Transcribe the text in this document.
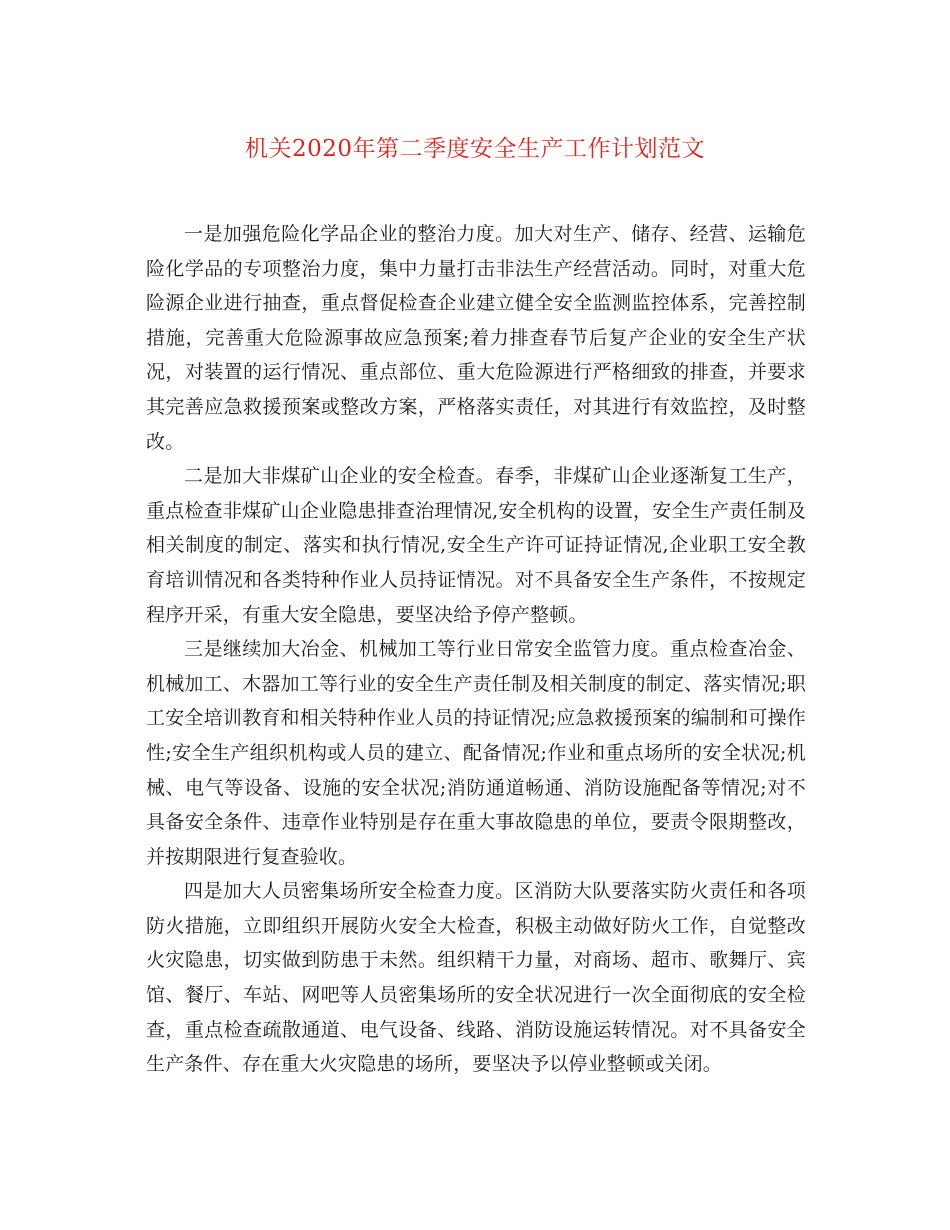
机关2020年第二季度安全生产工作计划范文

一是加强危险化学品企业的整治力度。加大对生产、储存、经营、运输危险化学品的专项整治力度，集中力量打击非法生产经营活动。同时，对重大危险源企业进行抽查，重点督促检查企业建立健全安全监测监控体系，完善控制措施，完善重大危险源事故应急预案;着力排查春节后复产企业的安全生产状况，对装置的运行情况、重点部位、重大危险源进行严格细致的排查，并要求其完善应急救援预案或整改方案，严格落实责任，对其进行有效监控，及时整改。

二是加大非煤矿山企业的安全检查。春季，非煤矿山企业逐渐复工生产，重点检查非煤矿山企业隐患排查治理情况,安全机构的设置，安全生产责任制及相关制度的制定、落实和执行情况,安全生产许可证持证情况,企业职工安全教育培训情况和各类特种作业人员持证情况。对不具备安全生产条件，不按规定程序开采，有重大安全隐患，要坚决给予停产整顿。

三是继续加大冶金、机械加工等行业日常安全监管力度。重点检查冶金、机械加工、木器加工等行业的安全生产责任制及相关制度的制定、落实情况;职工安全培训教育和相关特种作业人员的持证情况;应急救援预案的编制和可操作性;安全生产组织机构或人员的建立、配备情况;作业和重点场所的安全状况;机械、电气等设备、设施的安全状况;消防通道畅通、消防设施配备等情况;对不具备安全条件、违章作业特别是存在重大事故隐患的单位，要责令限期整改，并按期限进行复查验收。

四是加大人员密集场所安全检查力度。区消防大队要落实防火责任和各项防火措施，立即组织开展防火安全大检查，积极主动做好防火工作，自觉整改火灾隐患，切实做到防患于未然。组织精干力量，对商场、超市、歌舞厅、宾馆、餐厅、车站、网吧等人员密集场所的安全状况进行一次全面彻底的安全检查，重点检查疏散通道、电气设备、线路、消防设施运转情况。对不具备安全生产条件、存在重大火灾隐患的场所，要坚决予以停业整顿或关闭。
